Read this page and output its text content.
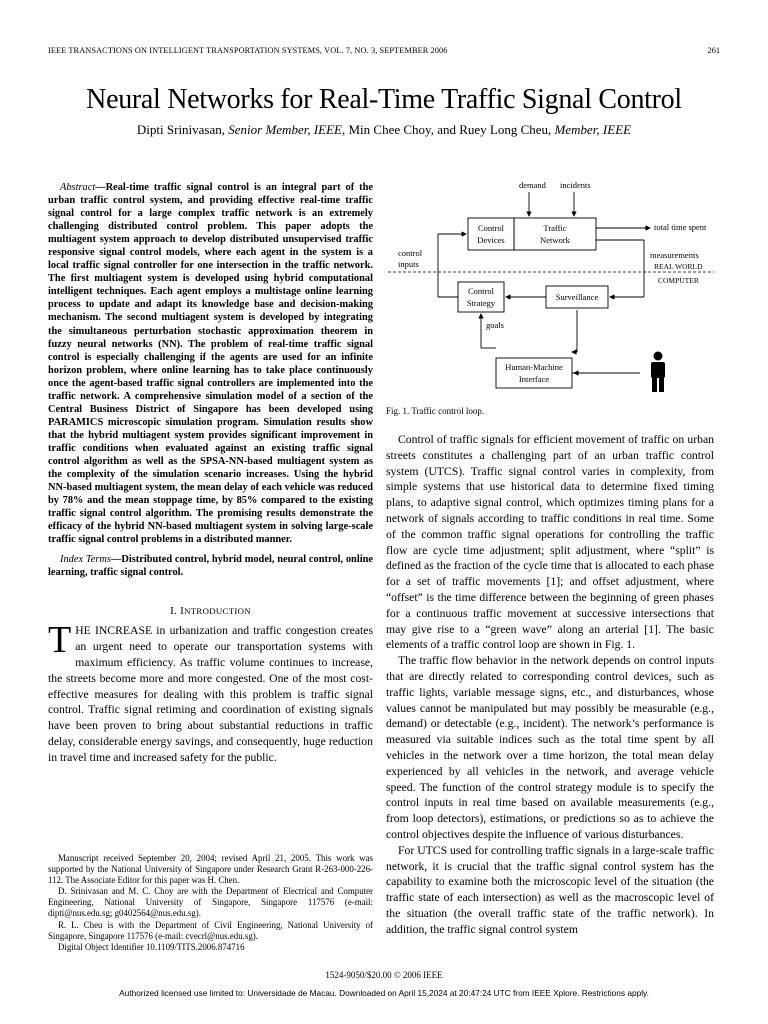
IEEE TRANSACTIONS ON INTELLIGENT TRANSPORTATION SYSTEMS, VOL. 7, NO. 3, SEPTEMBER 2006	261
Neural Networks for Real-Time Traffic Signal Control
Dipti Srinivasan, Senior Member, IEEE, Min Chee Choy, and Ruey Long Cheu, Member, IEEE

Abstract—Real-time traffic signal control is an integral part of the urban traffic control system, and providing effective real-time traffic signal control for a large complex traffic network is an extremely challenging distributed control problem. This paper adopts the multiagent system approach to develop distributed unsupervised traffic responsive signal control models, where each agent in the system is a local traffic signal controller for one intersection in the traffic network. The first multiagent system is developed using hybrid computational intelligent techniques. Each agent employs a multistage online learning process to update and adapt its knowledge base and decision-making mechanism. The second multiagent system is developed by integrating the simultaneous perturbation stochastic approximation theorem in fuzzy neural networks (NN). The problem of real-time traffic signal control is especially challenging if the agents are used for an infinite horizon problem, where online learning has to take place continuously once the agent-based traffic signal controllers are implemented into the traffic network. A comprehensive simulation model of a section of the Central Business District of Singapore has been developed using PARAMICS microscopic simulation program. Simulation results show that the hybrid multiagent system provides significant improvement in traffic conditions when evaluated against an existing traffic signal control algorithm as well as the SPSA-NN-based multiagent system as the complexity of the simulation scenario increases. Using the hybrid NN-based multiagent system, the mean delay of each vehicle was reduced by 78% and the mean stoppage time, by 85% compared to the existing traffic signal control algorithm. The promising results demonstrate the efficacy of the hybrid NN-based multiagent system in solving large-scale traffic signal control problems in a distributed manner.

Index Terms—Distributed control, hybrid model, neural control, online learning, traffic signal control.

I. INTRODUCTION
THE INCREASE in urbanization and traffic congestion creates an urgent need to operate our transportation systems with maximum efficiency. As traffic volume continues to increase, the streets become more and more congested. One of the most cost-effective measures for dealing with this problem is traffic signal control. Traffic signal retiming and coordination of existing signals have been proven to bring about substantial reductions in traffic delay, considerable energy savings, and consequently, huge reduction in travel time and increased safety for the public.

Manuscript received September 20, 2004; revised April 21, 2005. This work was supported by the National University of Singapore under Research Grant R-263-000-226-112. The Associate Editor for this paper was H. Chen.

D. Srinivasan and M. C. Choy are with the Department of Electrical and Computer Engineering, National University of Singapore, Singapore 117576 (e-mail: dipti@nus.edu.sg; g0402564@nus.edu.sg).

R. L. Cheu is with the Department of Civil Engineering, National University of Singapore, Singapore 117576 (e-mail: cvecrl@nus.edu.sg).

Digital Object Identifier 10.1109/TITS.2006.874716

demand incidents
Control
Devices
Traffic
Network
total time spent
measurements
REAL WORLD
COMPUTER
control
inputs
Control
Strategy
Surveillance
goals
Human-Machine
Interface
Fig. 1. Traffic control loop.

Control of traffic signals for efficient movement of traffic on urban streets constitutes a challenging part of an urban traffic control system (UTCS). Traffic signal control varies in complexity, from simple systems that use historical data to determine fixed timing plans, to adaptive signal control, which optimizes timing plans for a network of signals according to traffic conditions in real time. Some of the common traffic signal operations for controlling the traffic flow are cycle time adjustment; split adjustment, where “split” is defined as the fraction of the cycle time that is allocated to each phase for a set of traffic movements [1]; and offset adjustment, where “offset” is the time difference between the beginning of green phases for a continuous traffic movement at successive intersections that may give rise to a “green wave” along an arterial [1]. The basic elements of a traffic control loop are shown in Fig. 1.

The traffic flow behavior in the network depends on control inputs that are directly related to corresponding control devices, such as traffic lights, variable message signs, etc., and disturbances, whose values cannot be manipulated but may possibly be measurable (e.g., demand) or detectable (e.g., incident). The network’s performance is measured via suitable indices such as the total time spent by all vehicles in the network over a time horizon, the total mean delay experienced by all vehicles in the network, and average vehicle speed. The function of the control strategy module is to specify the control inputs in real time based on available measurements (e.g., from loop detectors), estimations, or predictions so as to achieve the control objectives despite the influence of various disturbances.

For UTCS used for controlling traffic signals in a large-scale traffic network, it is crucial that the traffic signal control system has the capability to examine both the microscopic level of the situation (the traffic state of each intersection) as well as the macroscopic level of the situation (the overall traffic state of the traffic network). In addition, the traffic signal control system

1524-9050/$20.00 © 2006 IEEE
Authorized licensed use limited to: Universidade de Macau. Downloaded on April 15,2024 at 20:47:24 UTC from IEEE Xplore. Restrictions apply.
